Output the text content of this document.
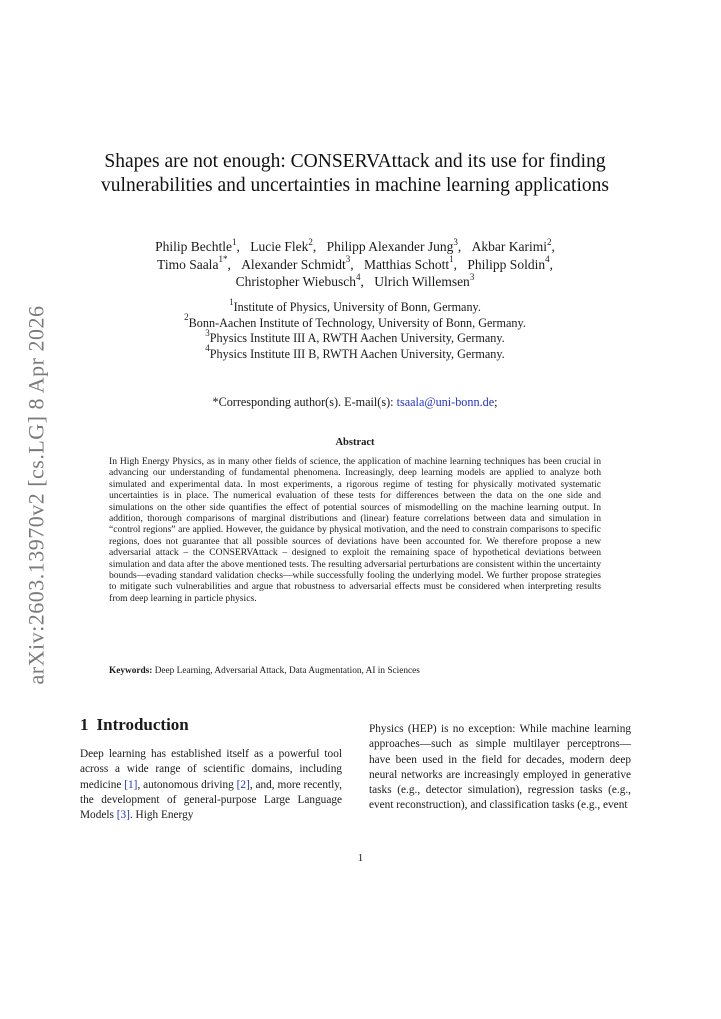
arXiv:2603.13970v2 [cs.LG] 8 Apr 2026
Shapes are not enough: CONSERVAttack and its use for finding vulnerabilities and uncertainties in machine learning applications
Philip Bechtle$^1$, Lucie Flek$^2$, Philipp Alexander Jung$^3$, Akbar Karimi$^2$,
Timo Saala$^{1*}$, Alexander Schmidt$^3$, Matthias Schott$^1$, Philipp Soldin$^4$,
Christopher Wiebusch$^4$, Ulrich Willemsen$^3$
$^1$Institute of Physics, University of Bonn, Germany.
$^2$Bonn-Aachen Institute of Technology, University of Bonn, Germany.
$^3$Physics Institute III A, RWTH Aachen University, Germany.
$^4$Physics Institute III B, RWTH Aachen University, Germany.
*Corresponding author(s). E-mail(s): tsaala@uni-bonn.de;
Abstract
In High Energy Physics, as in many other fields of science, the application of machine learning techniques has been crucial in advancing our understanding of fundamental phenomena. Increasingly, deep learning models are applied to analyze both simulated and experimental data. In most experiments, a rigorous regime of testing for physically motivated systematic uncertainties is in place. The numerical evaluation of these tests for differences between the data on the one side and simulations on the other side quantifies the effect of potential sources of mismodelling on the machine learning output. In addition, thorough comparisons of marginal distributions and (linear) feature correlations between data and simulation in “control regions” are applied. However, the guidance by physical motivation, and the need to constrain comparisons to specific regions, does not guarantee that all possible sources of deviations have been accounted for. We therefore propose a new adversarial attack – the CONSERVAttack – designed to exploit the remaining space of hypothetical deviations between simulation and data after the above mentioned tests. The resulting adversarial perturbations are consistent within the uncertainty bounds—evading standard validation checks—while successfully fooling the underlying model. We further propose strategies to mitigate such vulnerabilities and argue that robustness to adversarial effects must be considered when interpreting results from deep learning in particle physics.
Keywords: Deep Learning, Adversarial Attack, Data Augmentation, AI in Sciences
1 Introduction
Deep learning has established itself as a powerful tool across a wide range of scientific domains, including medicine [1], autonomous driving [2], and, more recently, the development of general-purpose Large Language Models [3]. High Energy
Physics (HEP) is no exception: While machine learning approaches—such as simple multilayer perceptrons—have been used in the field for decades, modern deep neural networks are increasingly employed in generative tasks (e.g., detector simulation), regression tasks (e.g., event reconstruction), and classification tasks (e.g., event
1
